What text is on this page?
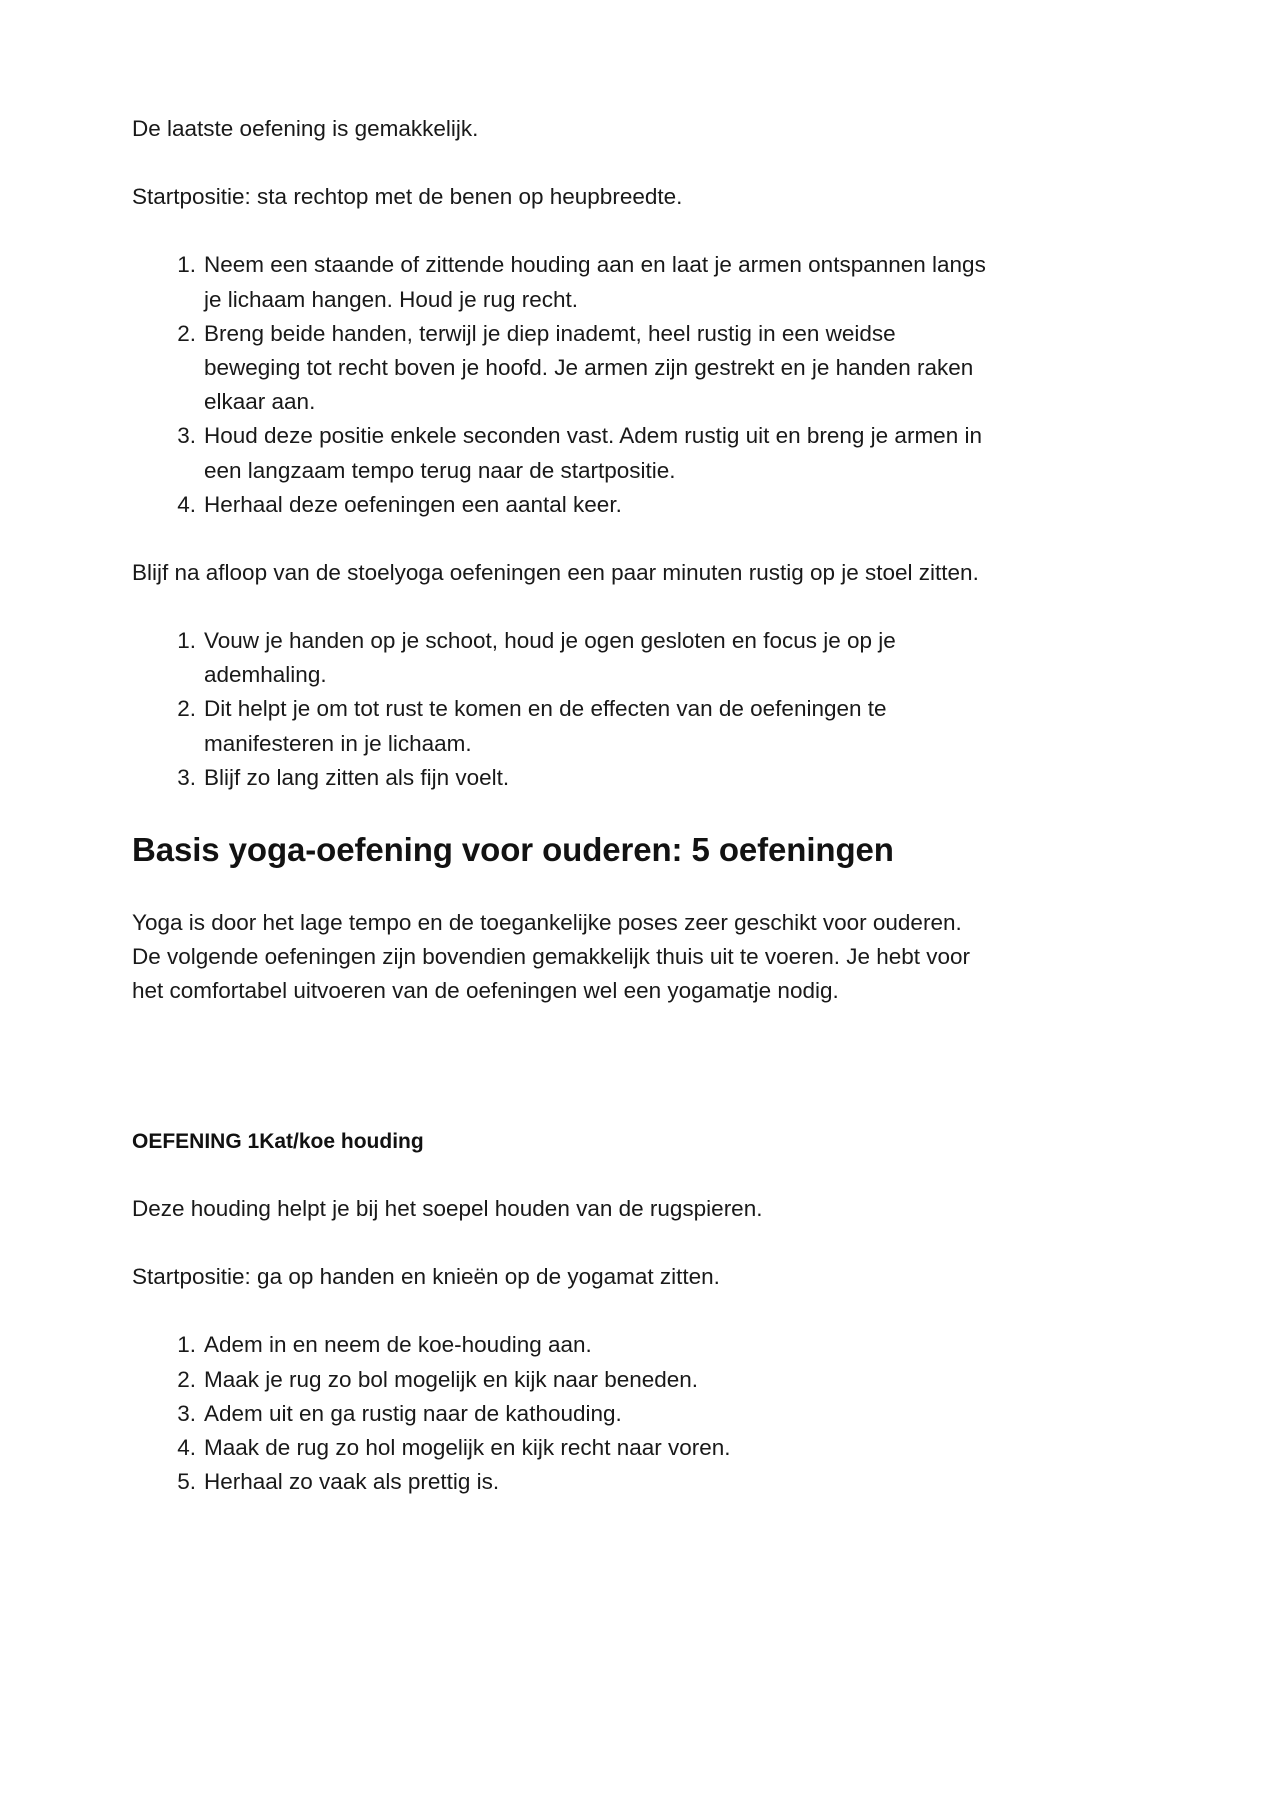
De laatste oefening is gemakkelijk.

Startpositie: sta rechtop met de benen op heupbreedte.

Neem een staande of zittende houding aan en laat je armen ontspannen langs je lichaam hangen. Houd je rug recht.
Breng beide handen, terwijl je diep inademt, heel rustig in een weidse beweging tot recht boven je hoofd. Je armen zijn gestrekt en je handen raken elkaar aan.
Houd deze positie enkele seconden vast. Adem rustig uit en breng je armen in een langzaam tempo terug naar de startpositie.
Herhaal deze oefeningen een aantal keer.

Blijf na afloop van de stoelyoga oefeningen een paar minuten rustig op je stoel zitten.

Vouw je handen op je schoot, houd je ogen gesloten en focus je op je ademhaling.
Dit helpt je om tot rust te komen en de effecten van de oefeningen te manifesteren in je lichaam.
Blijf zo lang zitten als fijn voelt.
Basis yoga-oefening voor ouderen: 5 oefeningen

Yoga is door het lage tempo en de toegankelijke poses zeer geschikt voor ouderen. De volgende oefeningen zijn bovendien gemakkelijk thuis uit te voeren. Je hebt voor het comfortabel uitvoeren van de oefeningen wel een yogamatje nodig.

OEFENING 1Kat/koe houding

Deze houding helpt je bij het soepel houden van de rugspieren.

Startpositie: ga op handen en knieën op de yogamat zitten.

Adem in en neem de koe-houding aan.
Maak je rug zo bol mogelijk en kijk naar beneden.
Adem uit en ga rustig naar de kathouding.
Maak de rug zo hol mogelijk en kijk recht naar voren.
Herhaal zo vaak als prettig is.
